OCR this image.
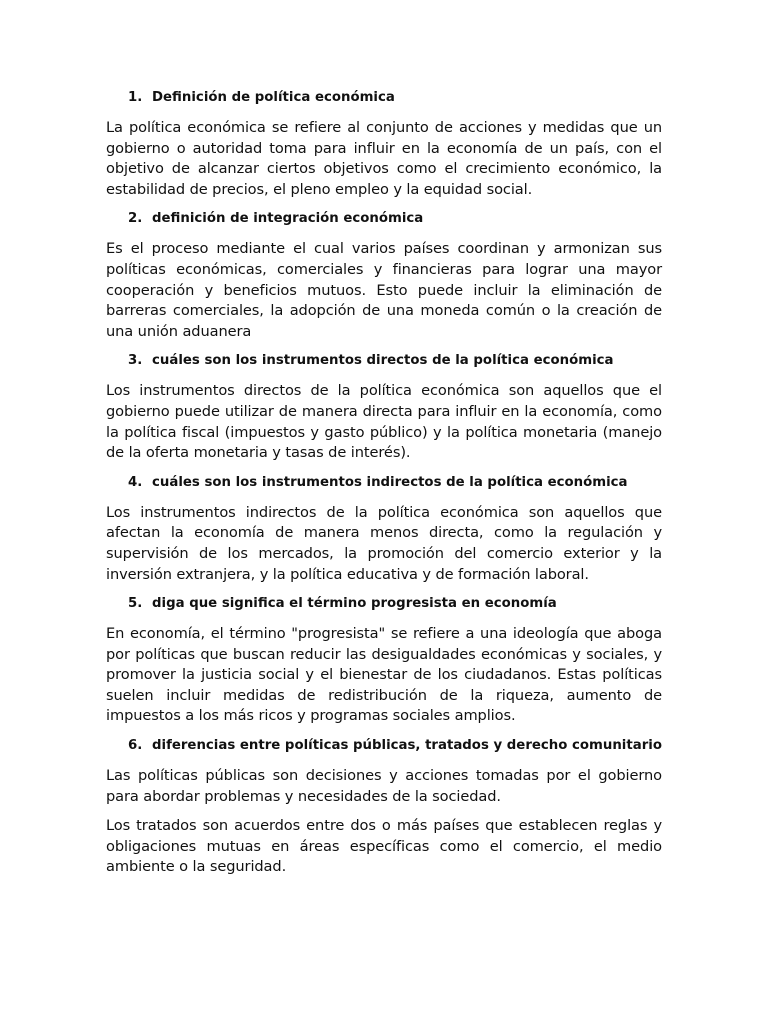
1. Definición de política económica

La política económica se refiere al conjunto de acciones y medidas que un gobierno o autoridad toma para influir en la economía de un país, con el objetivo de alcanzar ciertos objetivos como el crecimiento económico, la estabilidad de precios, el pleno empleo y la equidad social.

2. definición de integración económica

Es el proceso mediante el cual varios países coordinan y armonizan sus políticas económicas, comerciales y financieras para lograr una mayor cooperación y beneficios mutuos. Esto puede incluir la eliminación de barreras comerciales, la adopción de una moneda común o la creación de una unión aduanera

3. cuáles son los instrumentos directos de la política económica

Los instrumentos directos de la política económica son aquellos que el gobierno puede utilizar de manera directa para influir en la economía, como la política fiscal (impuestos y gasto público) y la política monetaria (manejo de la oferta monetaria y tasas de interés).

4. cuáles son los instrumentos indirectos de la política económica

Los instrumentos indirectos de la política económica son aquellos que afectan la economía de manera menos directa, como la regulación y supervisión de los mercados, la promoción del comercio exterior y la inversión extranjera, y la política educativa y de formación laboral.

5. diga que significa el término progresista en economía

En economía, el término "progresista" se refiere a una ideología que aboga por políticas que buscan reducir las desigualdades económicas y sociales, y promover la justicia social y el bienestar de los ciudadanos. Estas políticas suelen incluir medidas de redistribución de la riqueza, aumento de impuestos a los más ricos y programas sociales amplios.

6. diferencias entre políticas públicas, tratados y derecho comunitario

Las políticas públicas son decisiones y acciones tomadas por el gobierno para abordar problemas y necesidades de la sociedad.

Los tratados son acuerdos entre dos o más países que establecen reglas y obligaciones mutuas en áreas específicas como el comercio, el medio ambiente o la seguridad.
